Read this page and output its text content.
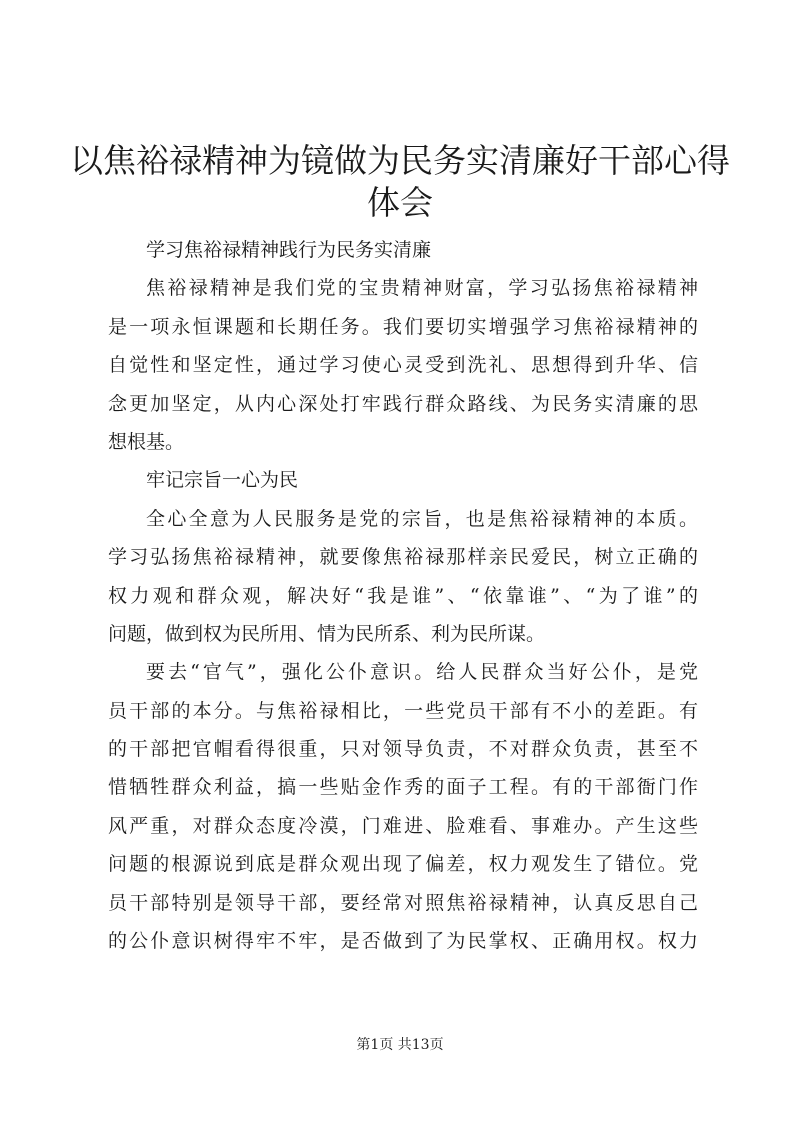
以焦裕禄精神为镜做为民务实清廉好干部心得
体会
学习焦裕禄精神践行为民务实清廉
焦裕禄精神是我们党的宝贵精神财富，学习弘扬焦裕禄精神
是一项永恒课题和长期任务。我们要切实增强学习焦裕禄精神的
自觉性和坚定性，通过学习使心灵受到洗礼、思想得到升华、信
念更加坚定，从内心深处打牢践行群众路线、为民务实清廉的思
想根基。
牢记宗旨一心为民
全心全意为人民服务是党的宗旨，也是焦裕禄精神的本质。
学习弘扬焦裕禄精神，就要像焦裕禄那样亲民爱民，树立正确的
权力观和群众观，解决好“我是谁”、“依靠谁”、“为了谁”的
问题，做到权为民所用、情为民所系、利为民所谋。
要去“官气”，强化公仆意识。给人民群众当好公仆，是党
员干部的本分。与焦裕禄相比，一些党员干部有不小的差距。有
的干部把官帽看得很重，只对领导负责，不对群众负责，甚至不
惜牺牲群众利益，搞一些贴金作秀的面子工程。有的干部衙门作
风严重，对群众态度冷漠，门难进、脸难看、事难办。产生这些
问题的根源说到底是群众观出现了偏差，权力观发生了错位。党
员干部特别是领导干部，要经常对照焦裕禄精神，认真反思自己
的公仆意识树得牢不牢，是否做到了为民掌权、正确用权。权力
第1页 共13页
